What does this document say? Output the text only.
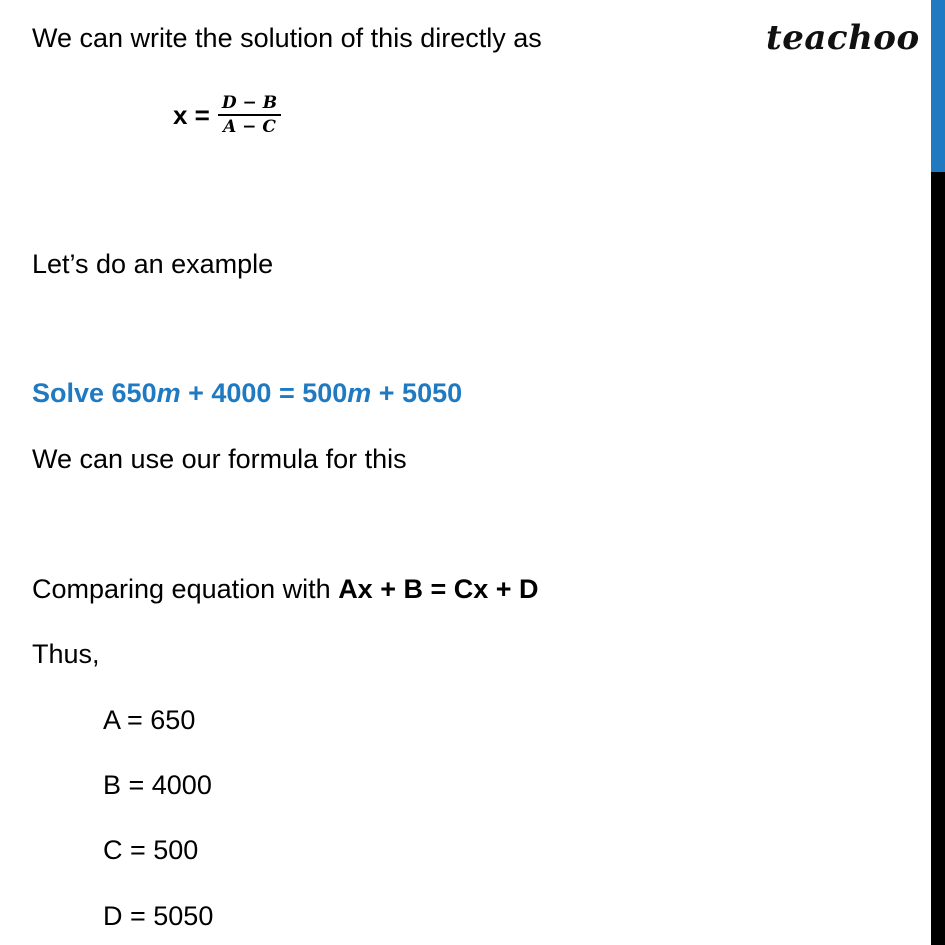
teachoo
We can write the solution of this directly as
$x = \frac{D - B}{A - C}$
Let’s do an example
Solve 650m + 4000 = 500m + 5050
We can use our formula for this
Comparing equation with Ax + B = Cx + D
Thus,
A = 650
B = 4000
C = 500
D = 5050
